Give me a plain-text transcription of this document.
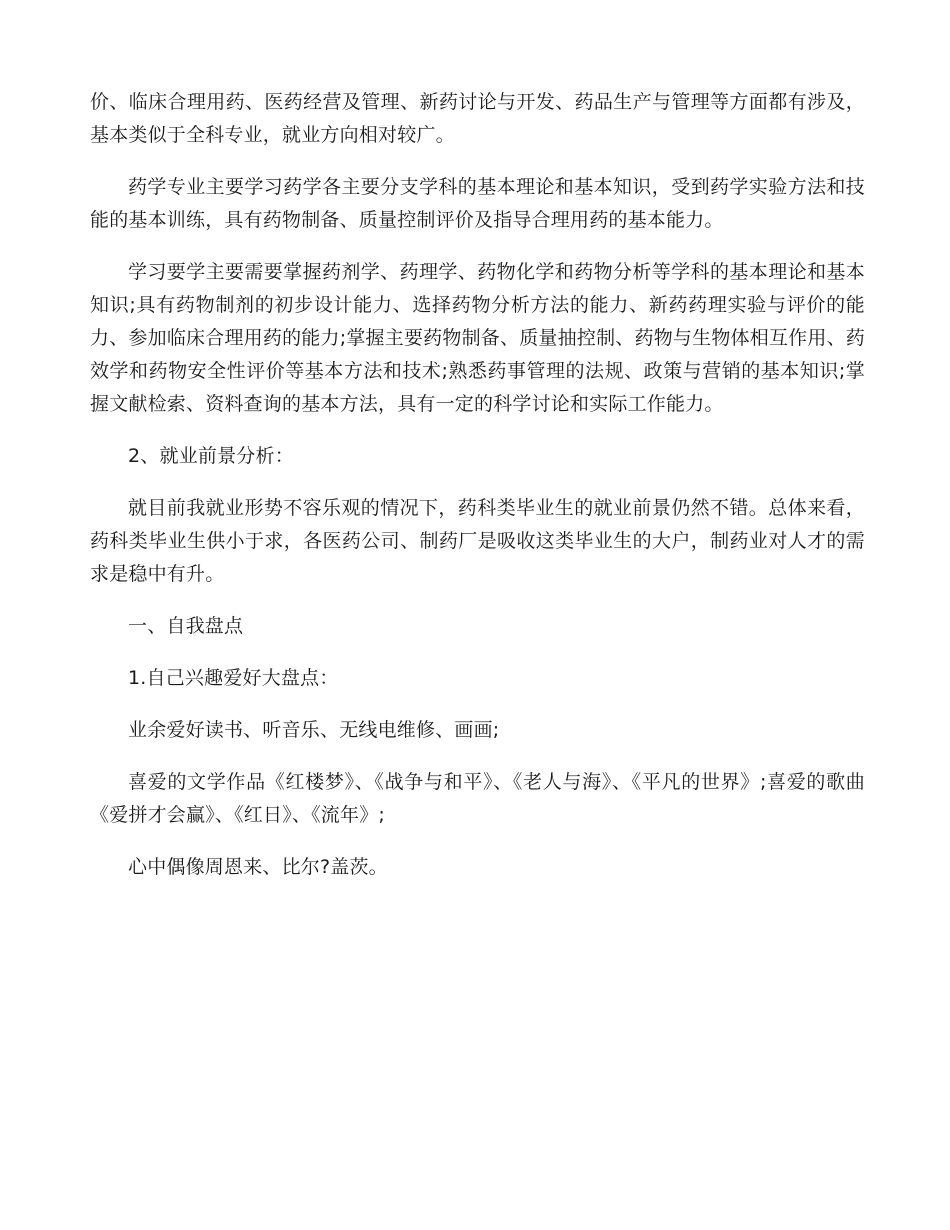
价、临床合理用药、医药经营及管理、新药讨论与开发、药品生产与管理等方面都有涉及，基本类似于全科专业，就业方向相对较广。

药学专业主要学习药学各主要分支学科的基本理论和基本知识，受到药学实验方法和技能的基本训练，具有药物制备、质量控制评价及指导合理用药的基本能力。

学习要学主要需要掌握药剂学、药理学、药物化学和药物分析等学科的基本理论和基本知识;具有药物制剂的初步设计能力、选择药物分析方法的能力、新药药理实验与评价的能力、参加临床合理用药的能力;掌握主要药物制备、质量抽控制、药物与生物体相互作用、药效学和药物安全性评价等基本方法和技术;熟悉药事管理的法规、政策与营销的基本知识;掌握文献检索、资料查询的基本方法，具有一定的科学讨论和实际工作能力。

2、就业前景分析：

就目前我就业形势不容乐观的情况下，药科类毕业生的就业前景仍然不错。总体来看，药科类毕业生供小于求，各医药公司、制药厂是吸收这类毕业生的大户，制药业对人才的需求是稳中有升。

一、自我盘点

1.自己兴趣爱好大盘点：

业余爱好读书、听音乐、无线电维修、画画;

喜爱的文学作品《红楼梦》、《战争与和平》、《老人与海》、《平凡的世界》;喜爱的歌曲《爱拼才会赢》、《红日》、《流年》;

心中偶像周恩来、比尔?盖茨。
